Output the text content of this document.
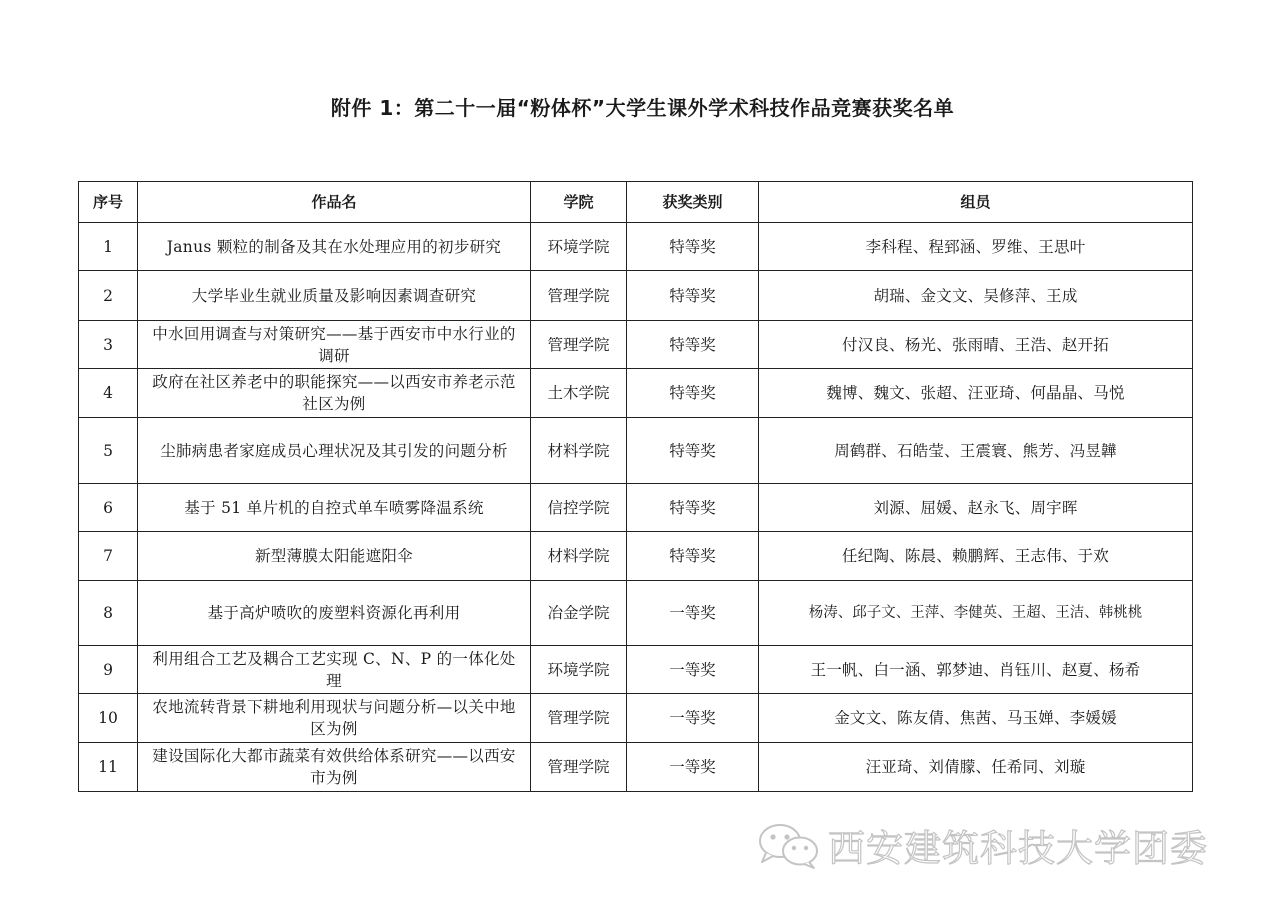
附件 1：第二十一届“粉体杯”大学生课外学术科技作品竞赛获奖名单
序号	作品名	学院	获奖类别	组员
1	Janus 颗粒的制备及其在水处理应用的初步研究	环境学院	特等奖	李科程、程郅涵、罗维、王思叶
2	大学毕业生就业质量及影响因素调查研究	管理学院	特等奖	胡瑞、金文文、吴修萍、王成
3	中水回用调查与对策研究——基于西安市中水行业的调研	管理学院	特等奖	付汉良、杨光、张雨晴、王浩、赵开拓
4	政府在社区养老中的职能探究——以西安市养老示范社区为例	土木学院	特等奖	魏博、魏文、张超、汪亚琦、何晶晶、马悦
5	尘肺病患者家庭成员心理状况及其引发的问题分析	材料学院	特等奖	周鹤群、石皓莹、王震寰、熊芳、冯昱韡
6	基于 51 单片机的自控式单车喷雾降温系统	信控学院	特等奖	刘源、屈媛、赵永飞、周宇晖
7	新型薄膜太阳能遮阳伞	材料学院	特等奖	任纪陶、陈晨、赖鹏辉、王志伟、于欢
8	基于高炉喷吹的废塑料资源化再利用	冶金学院	一等奖	杨涛、邱子文、王萍、李健英、王超、王洁、韩桃桃
9	利用组合工艺及耦合工艺实现 C、N、P 的一体化处理	环境学院	一等奖	王一帆、白一涵、郭梦迪、肖钰川、赵夏、杨希
10	农地流转背景下耕地利用现状与问题分析—以关中地区为例	管理学院	一等奖	金文文、陈友倩、焦茜、马玉婵、李媛媛
11	建设国际化大都市蔬菜有效供给体系研究——以西安市为例	管理学院	一等奖	汪亚琦、刘倩朦、任希同、刘璇
西安建筑科技大学团委
